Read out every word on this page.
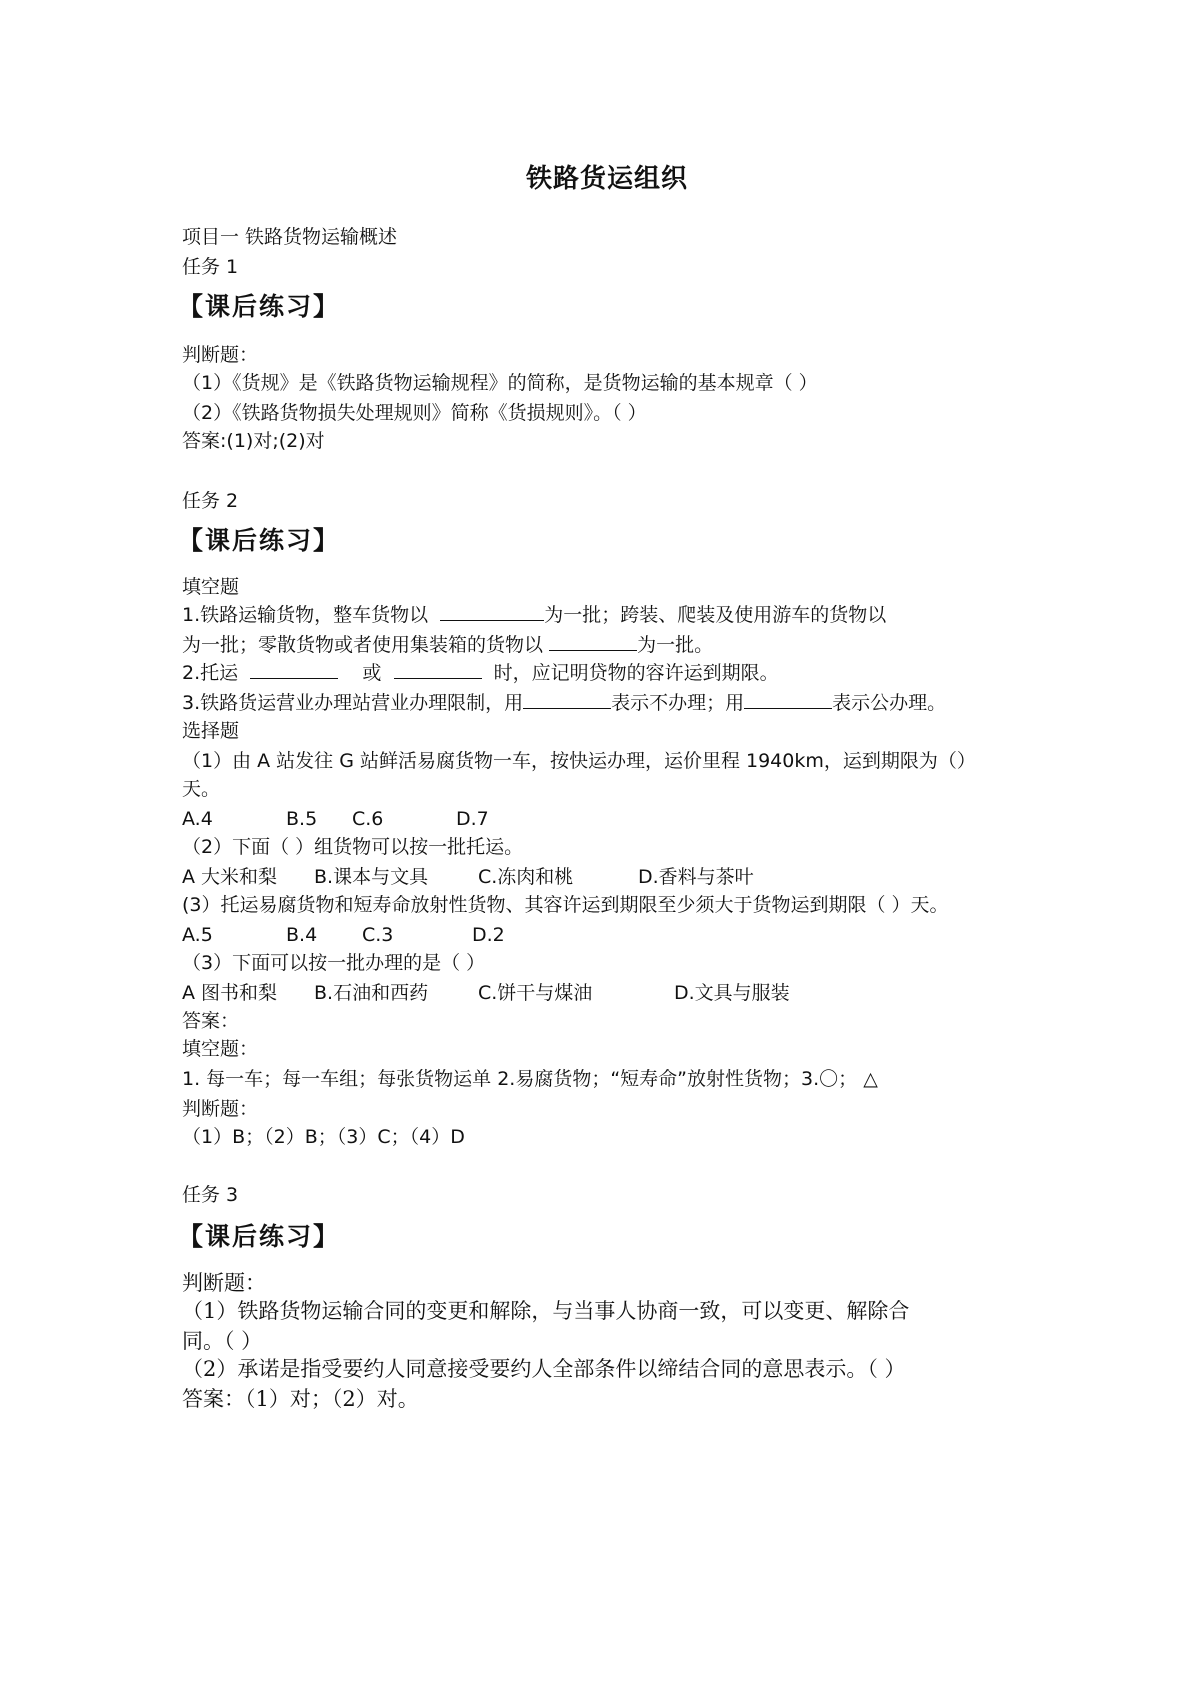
铁路货运组织
项目一 铁路货物运输概述
任务 1
【课后练习】
判断题：
（1）《货规》是《铁路货物运输规程》的简称，是货物运输的基本规章（ ）
（2）《铁路货物损失处理规则》简称《货损规则》。（ ）
答案:(1)对;(2)对
任务 2
【课后练习】
填空题
1.铁路运输货物，整车货物以	为一批；跨装、爬装及使用游车的货物以
为一批；零散货物或者使用集装箱的货物以	为一批。
2.托运	或	时，应记明贷物的容许运到期限。
3.铁路货运营业办理站营业办理限制，用	表示不办理；用	表示公办理。
选择题
（1）由 A 站发往 G 站鲜活易腐货物一车，按快运办理，运价里程 1940km，运到期限为（）
天。
A.4	B.5 C.6	D.7
（2）下面（ ）组货物可以按一批托运。
A 大米和梨 B.课本与文具	C.冻肉和桃	D.香料与茶叶
(3）托运易腐货物和短寿命放射性货物、其容许运到期限至少须大于货物运到期限（ ）天。
A.5	B.4 C.3	D.2
（3）下面可以按一批办理的是（ ）
A 图书和梨 B.石油和西药	C.饼干与煤油	D.文具与服装
答案：
填空题：
1. 每一车；每一车组；每张货物运单 2.易腐货物；“短寿命”放射性货物；3.〇； △
判断题：
（1）B；（2）B；（3）C；（4）D
任务 3
【课后练习】
判断题：
（1）铁路货物运输合同的变更和解除，与当事人协商一致，可以变更、解除合
同。（ ）
（2）承诺是指受要约人同意接受要约人全部条件以缔结合同的意思表示。（ ）
答案：（1）对；（2）对。
